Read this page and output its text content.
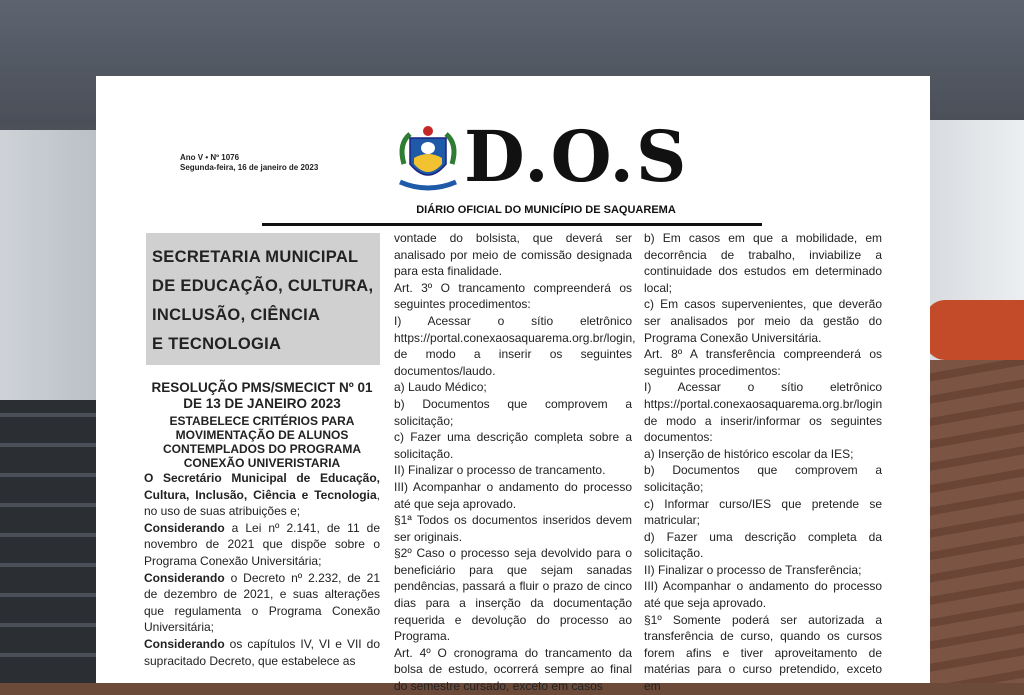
Ano V • Nº 1076
Segunda-feira, 16 de janeiro de 2023 D.O.S
DIÁRIO OFICIAL DO MUNICÍPIO DE SAQUAREMA
SECRETARIA MUNICIPAL
DE EDUCAÇÃO, CULTURA,
INCLUSÃO, CIÊNCIA
E TECNOLOGIA

RESOLUÇÃO PMS/SMECICT Nº 01 DE 13 DE JANEIRO 2023

ESTABELECE CRITÉRIOS PARA MOVIMENTAÇÃO DE ALUNOS CONTEMPLADOS DO PROGRAMA CONEXÃO UNIVERISTARIA

O Secretário Municipal de Educação, Cultura, Inclusão, Ciência e Tecnologia, no uso de suas atribuições e;

Considerando a Lei nº 2.141, de 11 de novembro de 2021 que dispõe sobre o Programa Conexão Universitária;

Considerando o Decreto nº 2.232, de 21 de dezembro de 2021, e suas alterações que regulamenta o Programa Conexão Universitária;

Considerando os capítulos IV, VI e VII do supracitado Decreto, que estabelece as

vontade do bolsista, que deverá ser analisado por meio de comissão designada para esta finalidade.

Art. 3º O trancamento compreenderá os seguintes procedimentos:

I) Acessar o sítio eletrônico https://portal.conexaosaquarema.org.br/login, de modo a inserir os seguintes documentos/laudo.

a) Laudo Médico;

b) Documentos que comprovem a solicitação;

c) Fazer uma descrição completa sobre a solicitação.

II) Finalizar o processo de trancamento.

III) Acompanhar o andamento do processo até que seja aprovado.

§1ª Todos os documentos inseridos devem ser originais.

§2º Caso o processo seja devolvido para o beneficiário para que sejam sanadas pendências, passará a fluir o prazo de cinco dias para a inserção da documentação requerida e devolução do processo ao Programa.

Art. 4º O cronograma do trancamento da bolsa de estudo, ocorrerá sempre ao final do semestre cursado, exceto em casos

b) Em casos em que a mobilidade, em decorrência de trabalho, inviabilize a continuidade dos estudos em determinado local;

c) Em casos supervenientes, que deverão ser analisados por meio da gestão do Programa Conexão Universitária.

Art. 8º A transferência compreenderá os seguintes procedimentos:

I) Acessar o sítio eletrônico https://portal.conexaosaquarema.org.br/login de modo a inserir/informar os seguintes documentos:

a) Inserção de histórico escolar da IES;

b) Documentos que comprovem a solicitação;

c) Informar curso/IES que pretende se matricular;

d) Fazer uma descrição completa da solicitação.

II) Finalizar o processo de Transferência;

III) Acompanhar o andamento do processo até que seja aprovado.

§1º Somente poderá ser autorizada a transferência de curso, quando os cursos forem afins e tiver aproveitamento de matérias para o curso pretendido, exceto em
